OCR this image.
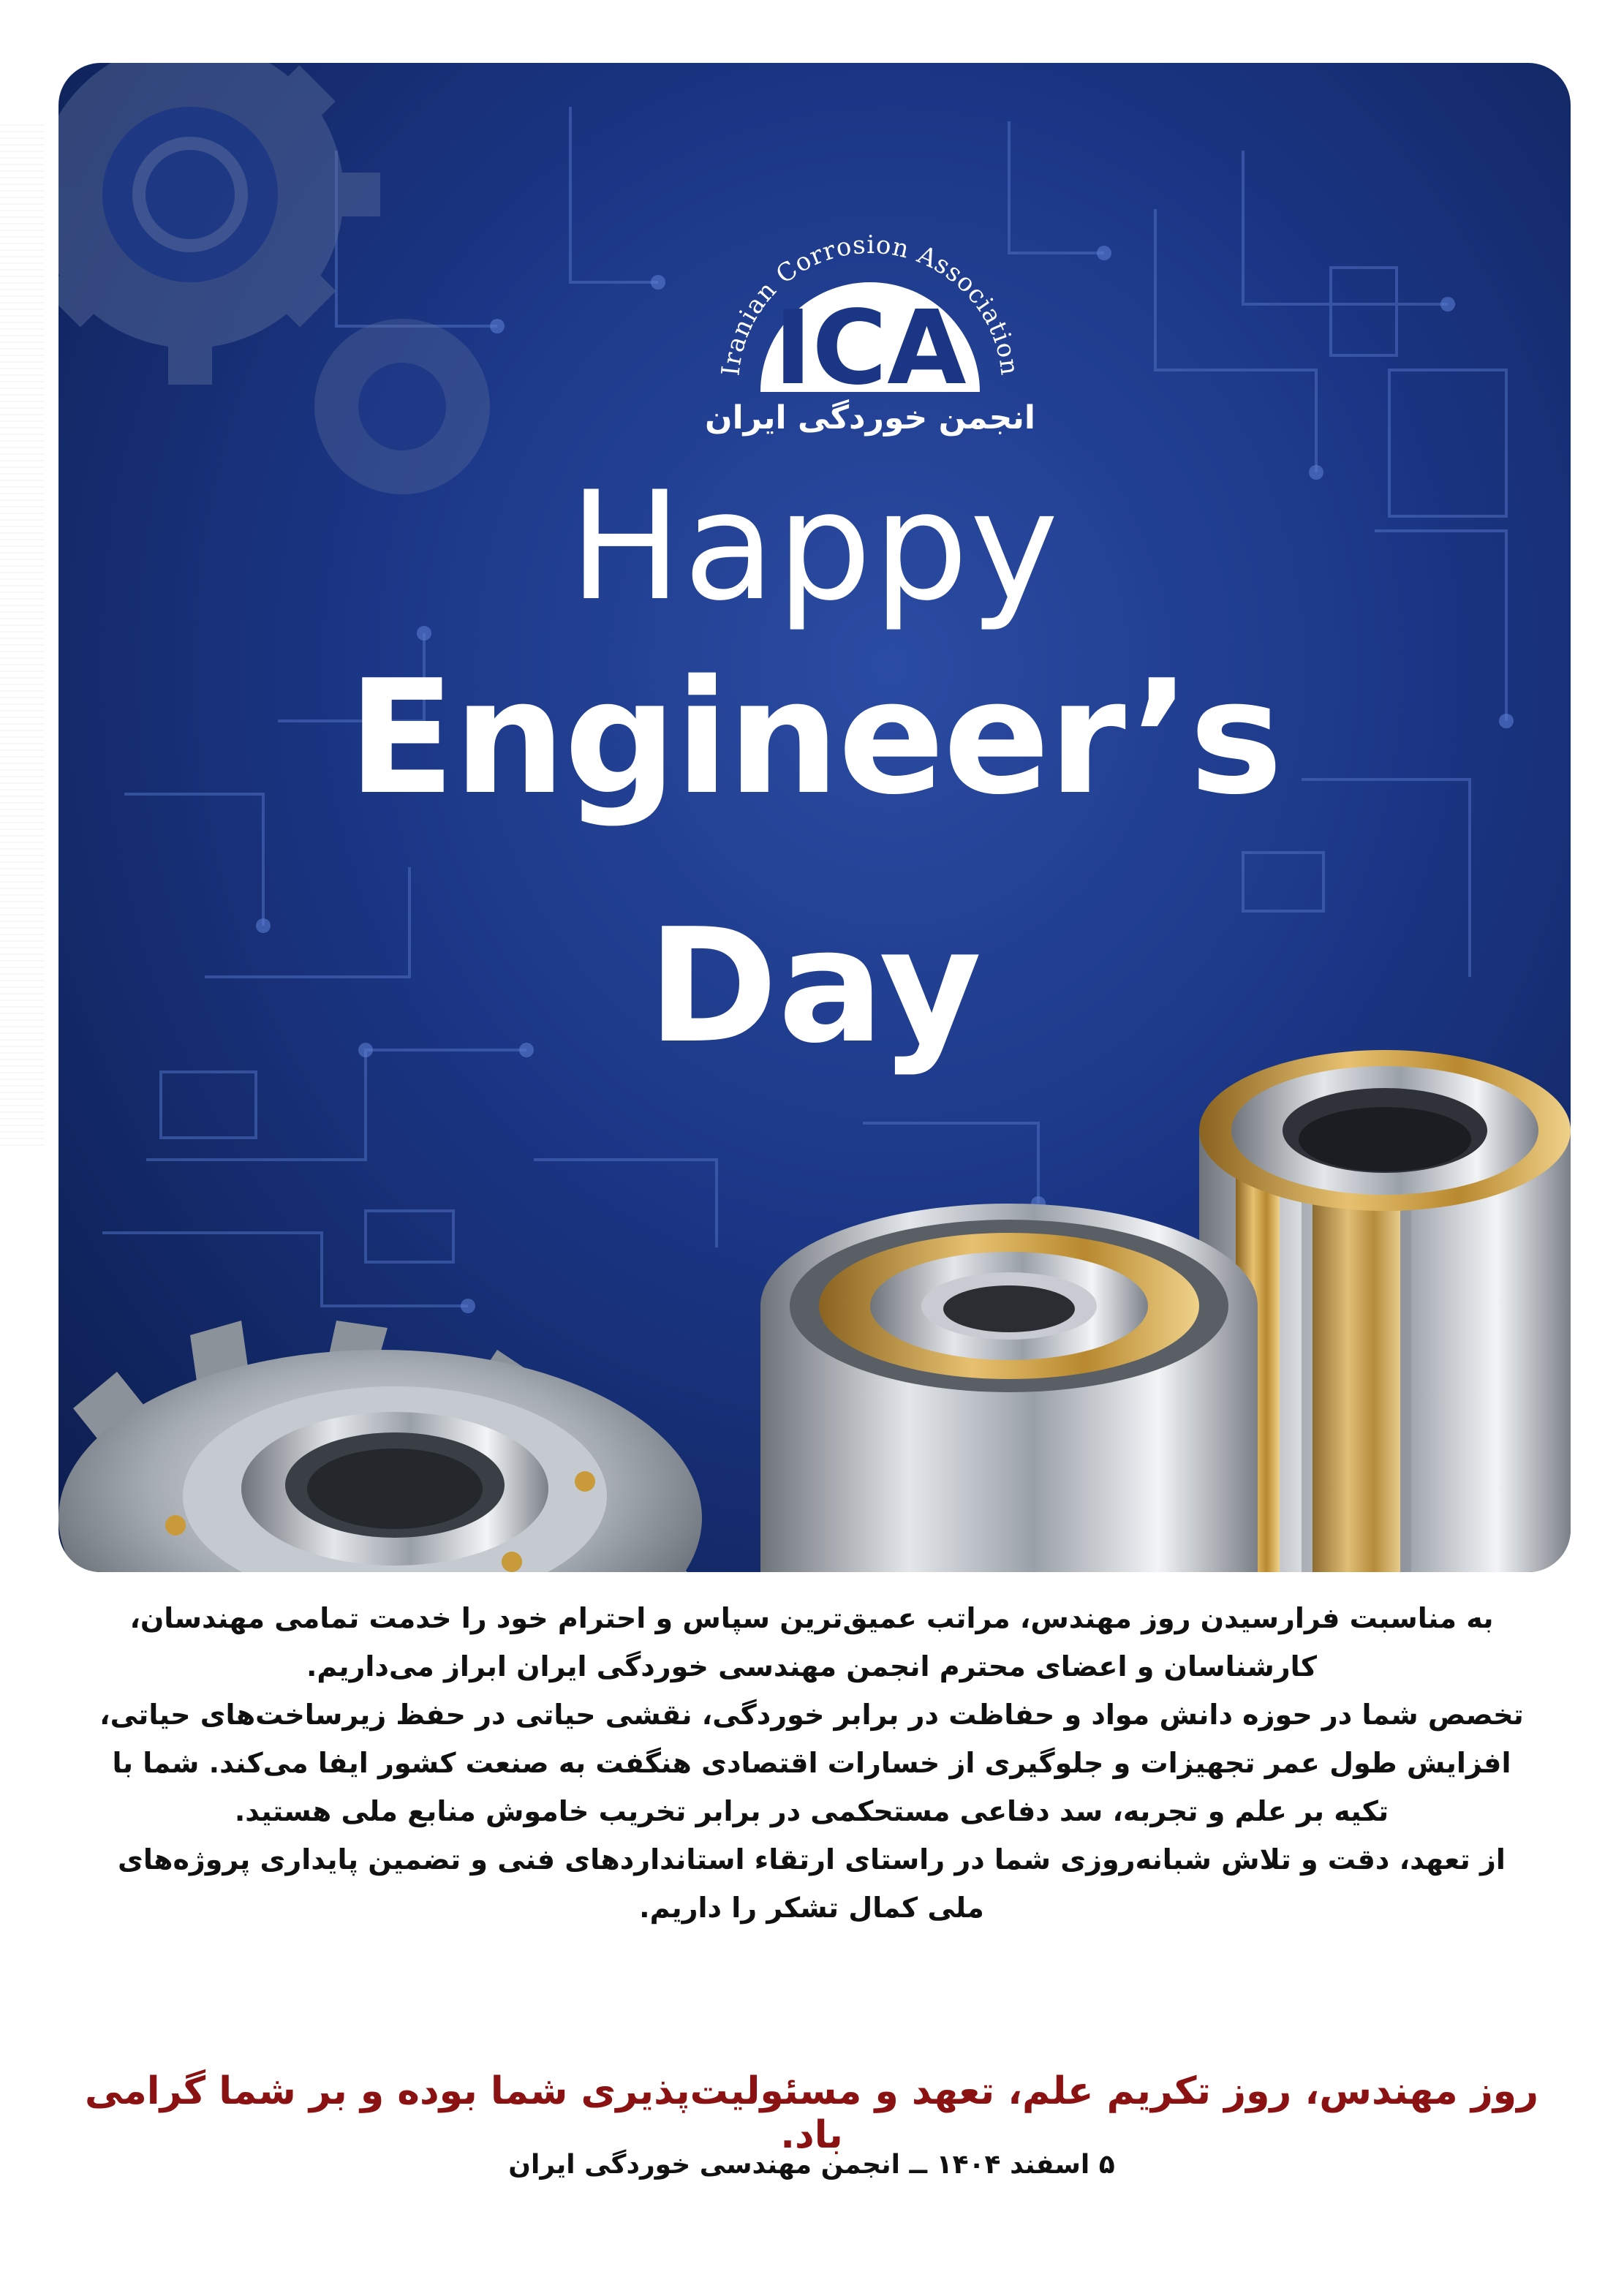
Iranian Corrosion Association
ICA
انجمن خوردگی ایران
Happy
Engineer’s
Day

به مناسبت فرارسیدن روز مهندس، مراتب عمیق‌ترین سپاس و احترام خود را خدمت تمامی مهندسان، کارشناسان و اعضای محترم انجمن مهندسی خوردگی ایران ابراز می‌داریم.

تخصص شما در حوزه دانش مواد و حفاظت در برابر خوردگی، نقشی حیاتی در حفظ زیرساخت‌های حیاتی، افزایش طول عمر تجهیزات و جلوگیری از خسارات اقتصادی هنگفت به صنعت کشور ایفا می‌کند. شما با تکیه بر علم و تجربه، سد دفاعی مستحکمی در برابر تخریب خاموش منابع ملی هستید.

از تعهد، دقت و تلاش شبانه‌روزی شما در راستای ارتقاء استانداردهای فنی و تضمین پایداری پروژه‌های ملی کمال تشکر را داریم.

روز مهندس، روز تکریم علم، تعهد و مسئولیت‌پذیری شما بوده و بر شما گرامی باد.
۵ اسفند ۱۴۰۴ ــ انجمن مهندسی خوردگی ایران
